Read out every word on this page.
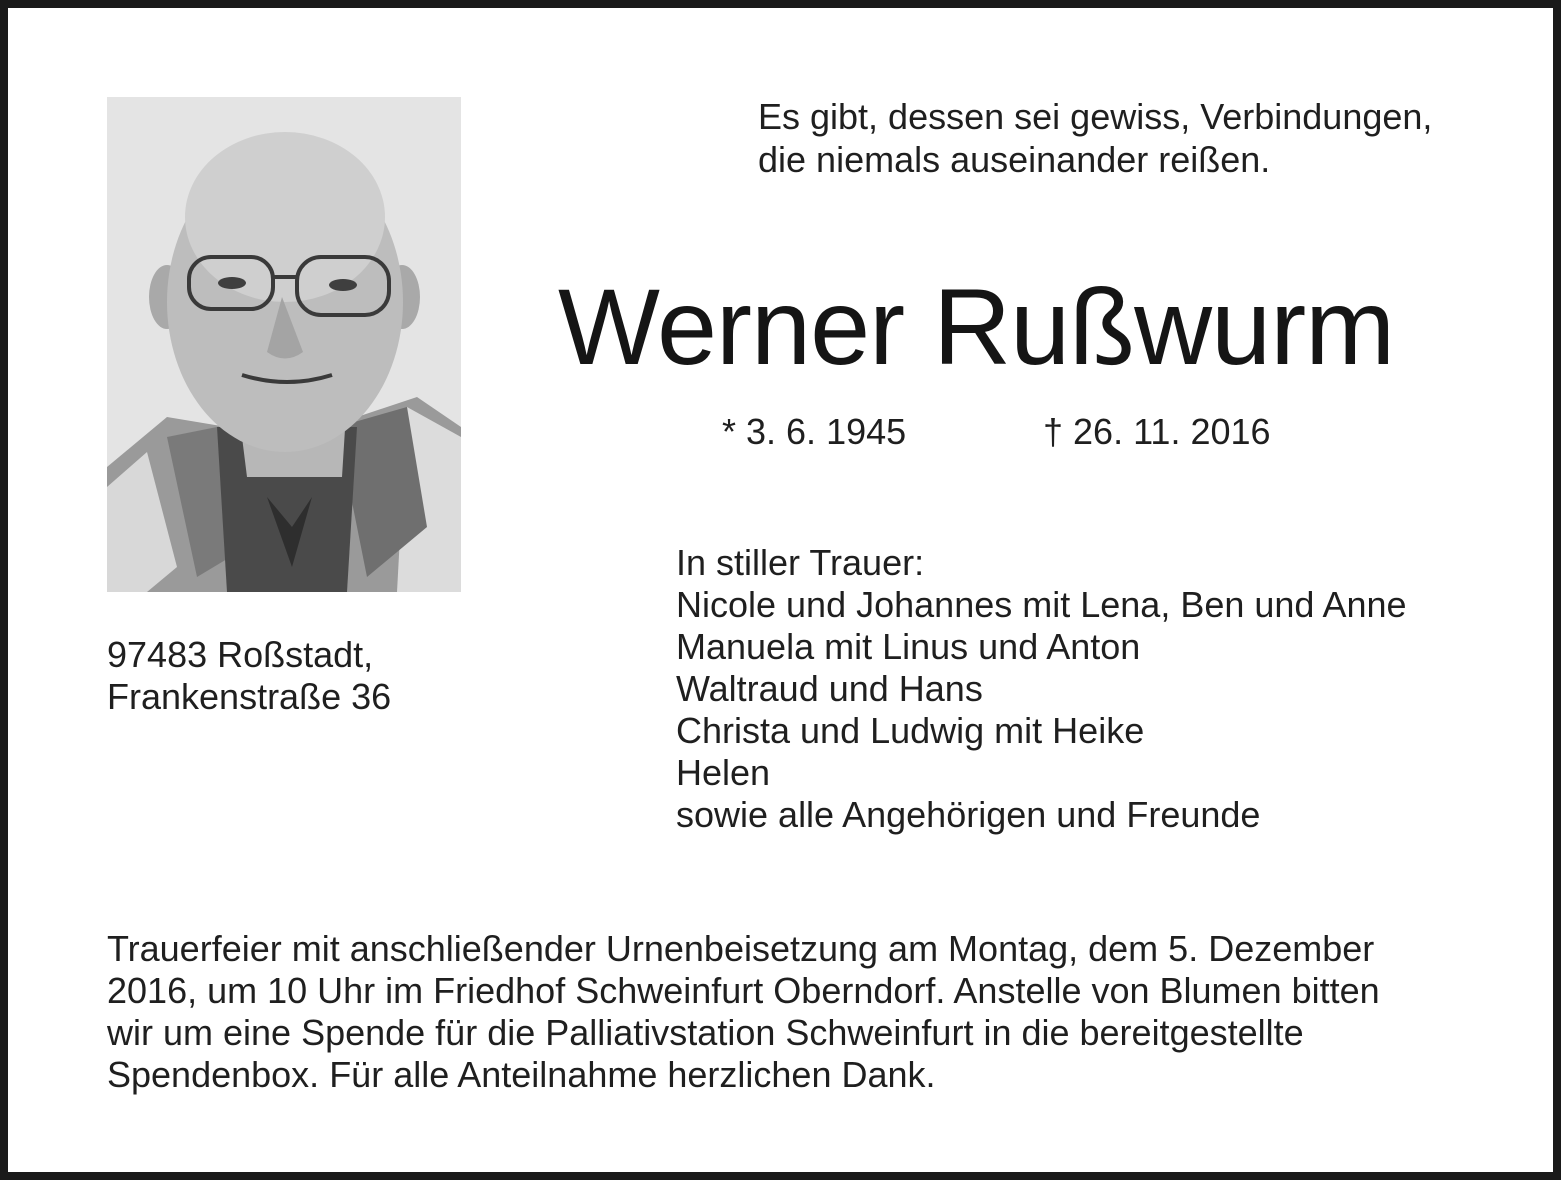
Es gibt, dessen sei gewiss, Verbindungen,
die niemals auseinander reißen.
Werner Rußwurm
* 3. 6. 1945	† 26. 11. 2016
97483 Roßstadt,
Frankenstraße 36
In stiller Trauer:
Nicole und Johannes mit Lena, Ben und Anne
Manuela mit Linus und Anton
Waltraud und Hans
Christa und Ludwig mit Heike
Helen
sowie alle Angehörigen und Freunde
Trauerfeier mit anschließender Urnenbeisetzung am Montag, dem 5. Dezember
2016, um 10 Uhr im Friedhof Schweinfurt Oberndorf. Anstelle von Blumen bitten
wir um eine Spende für die Palliativstation Schweinfurt in die bereitgestellte
Spendenbox. Für alle Anteilnahme herzlichen Dank.
